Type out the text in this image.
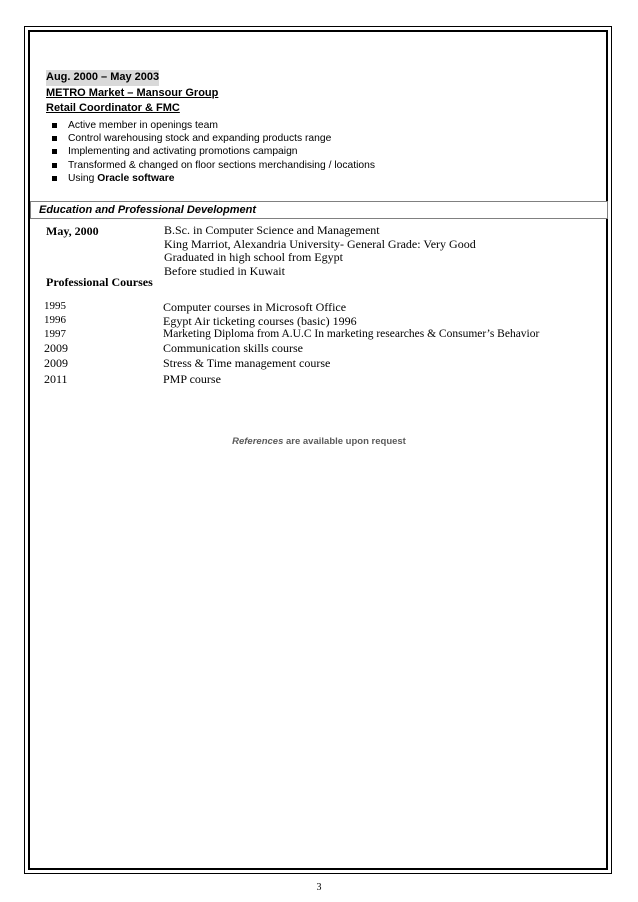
Aug. 2000 – May 2003
METRO Market – Mansour Group
Retail Coordinator & FMC
Active member in openings team
Control warehousing stock and expanding products range
Implementing and activating promotions campaign
Transformed & changed on floor sections merchandising / locations
Using Oracle software
Education and Professional Development
May, 2000	B.Sc. in Computer Science and Management
King Marriot, Alexandria University- General Grade: Very Good
Graduated in high school from Egypt
Before studied in Kuwait
Professional Courses
1995	Computer courses in Microsoft Office
1996	Egypt Air ticketing courses (basic) 1996
1997	Marketing Diploma from A.U.C In marketing researches & Consumer’s Behavior
2009	Communication skills course
2009	Stress & Time management course
2011	PMP course
References are available upon request
3
